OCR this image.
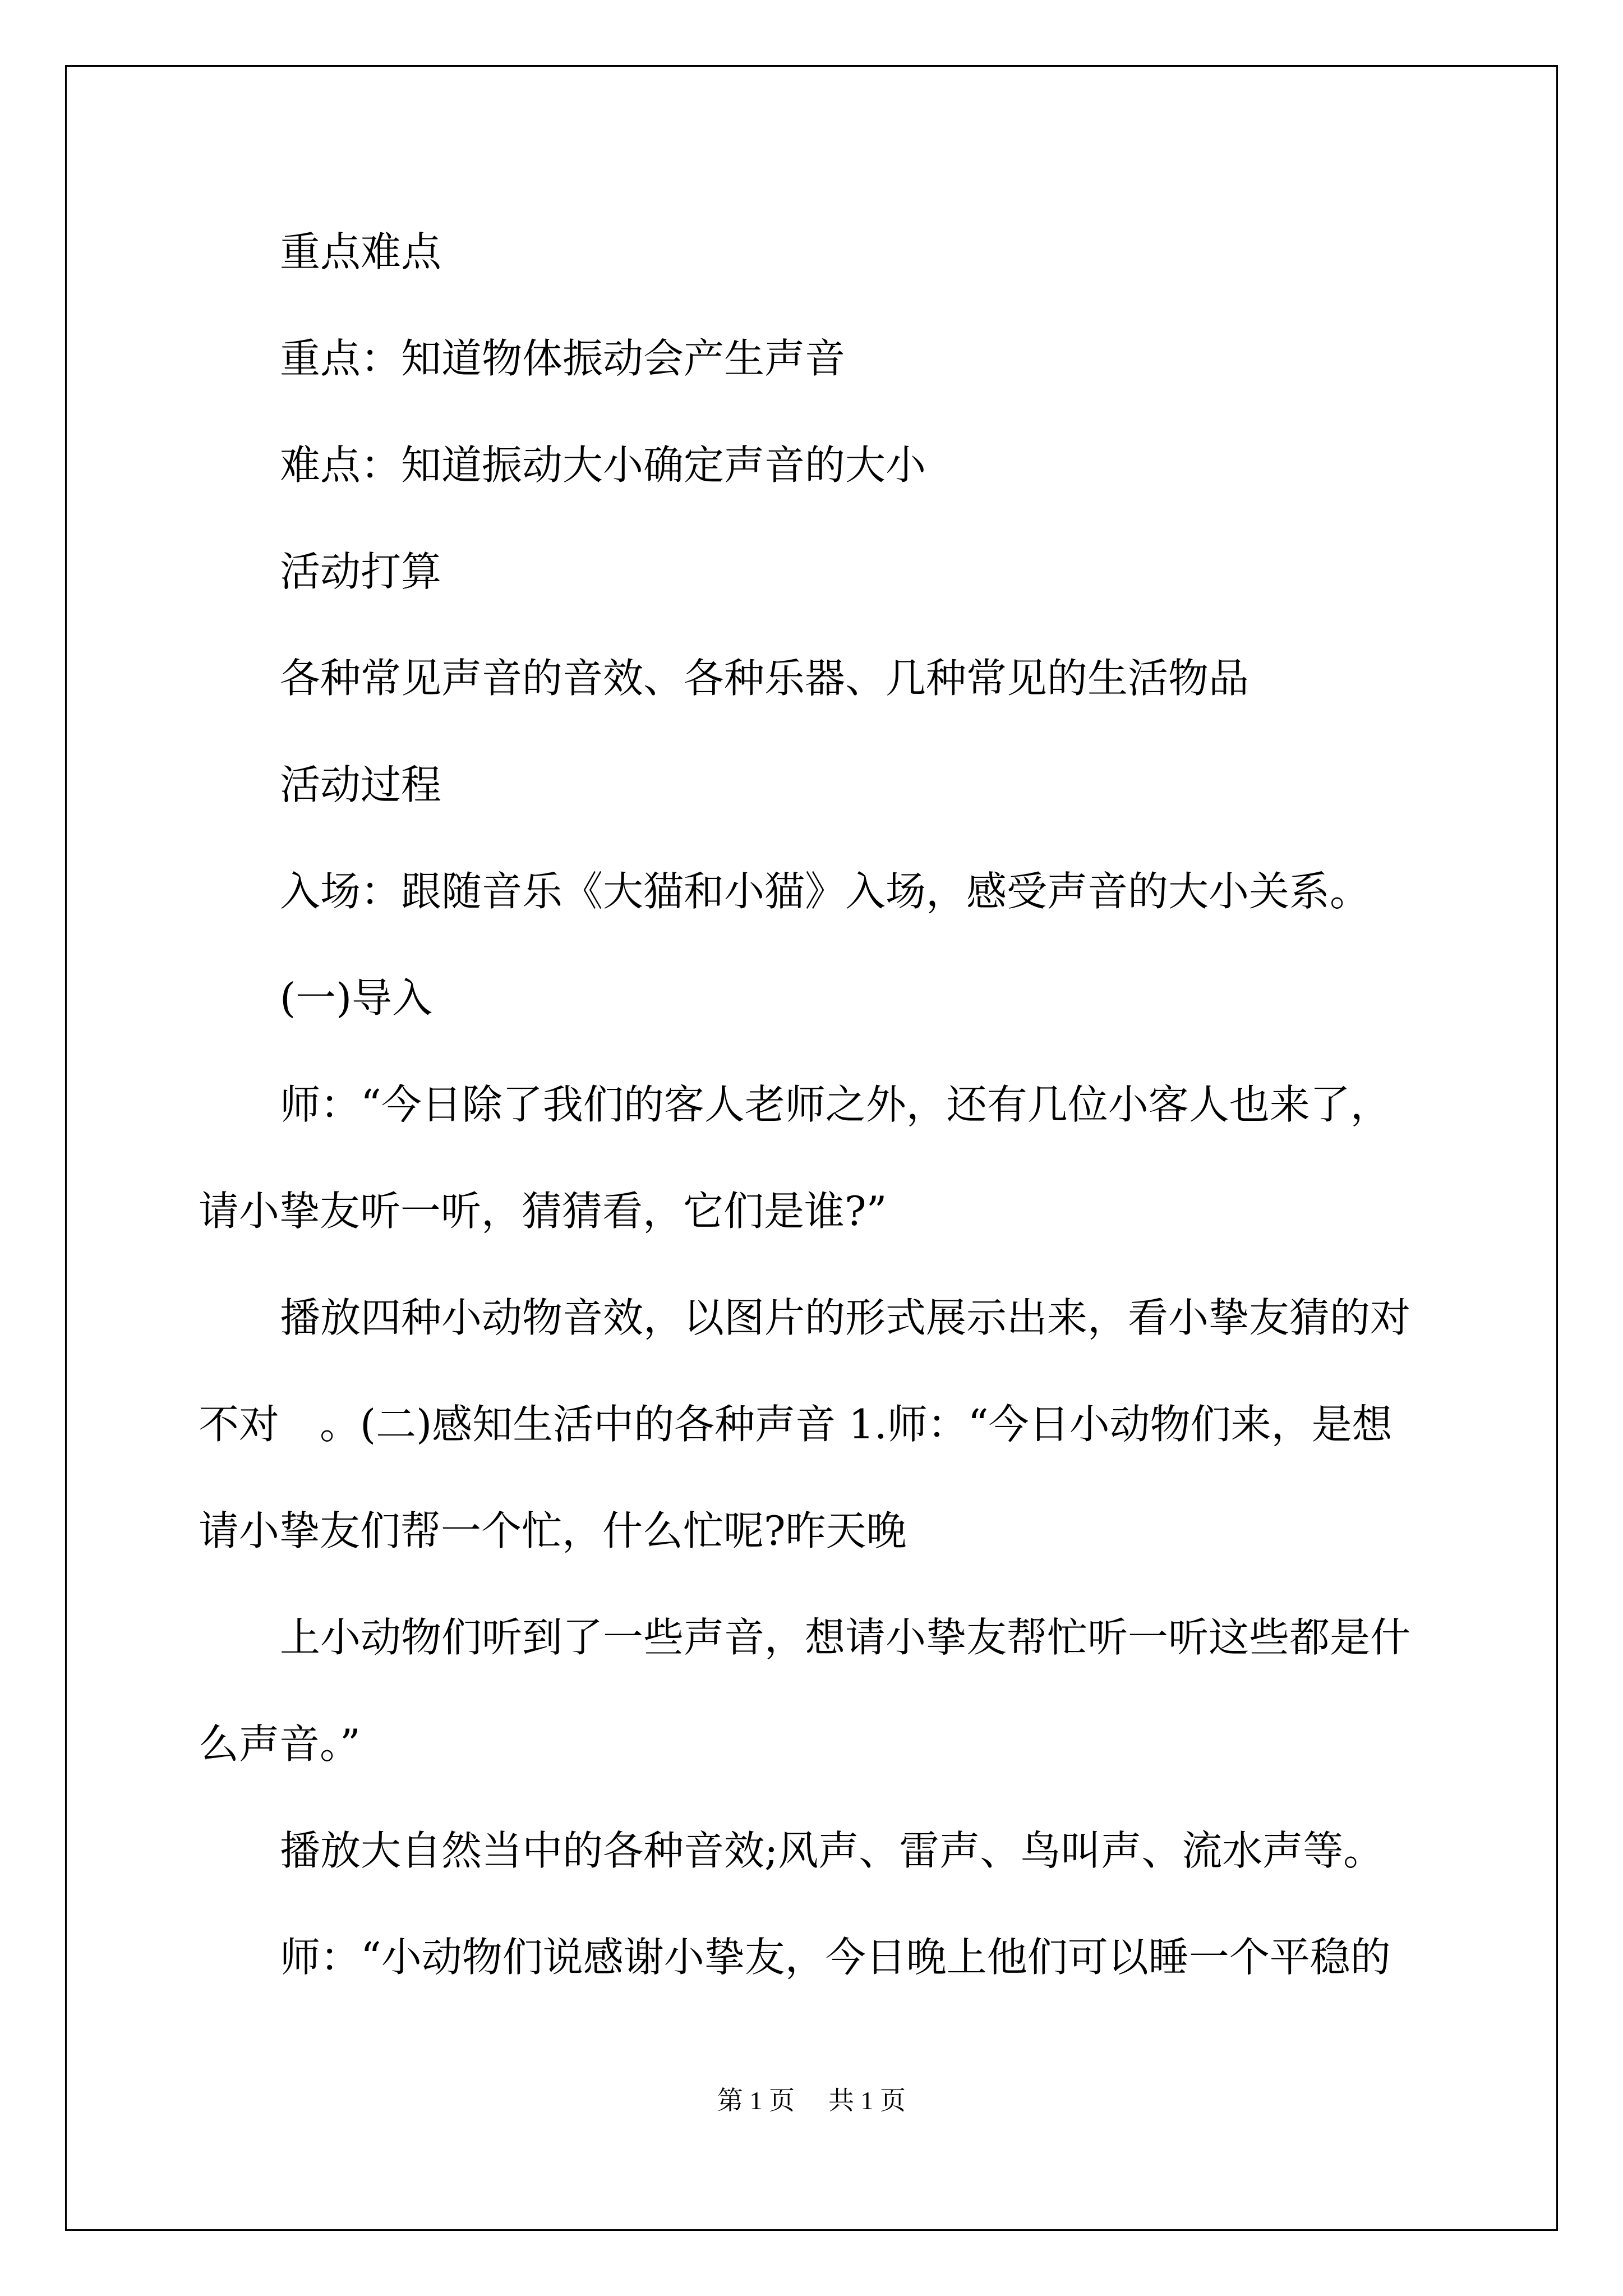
重点难点
重点：知道物体振动会产生声音
难点：知道振动大小确定声音的大小
活动打算
各种常见声音的音效、各种乐器、几种常见的生活物品
活动过程
入场：跟随音乐《大猫和小猫》入场，感受声音的大小关系。
(一)导入
师：“今日除了我们的客人老师之外，还有几位小客人也来了，
请小挚友听一听，猜猜看，它们是谁?”
播放四种小动物音效，以图片的形式展示出来，看小挚友猜的对
不对　。(二)感知生活中的各种声音 1.师：“今日小动物们来，是想
请小挚友们帮一个忙，什么忙呢?昨天晚
上小动物们听到了一些声音，想请小挚友帮忙听一听这些都是什
么声音。”
播放大自然当中的各种音效;风声、雷声、鸟叫声、流水声等。
师：“小动物们说感谢小挚友，今日晚上他们可以睡一个平稳的
第 1 页 共 1 页
